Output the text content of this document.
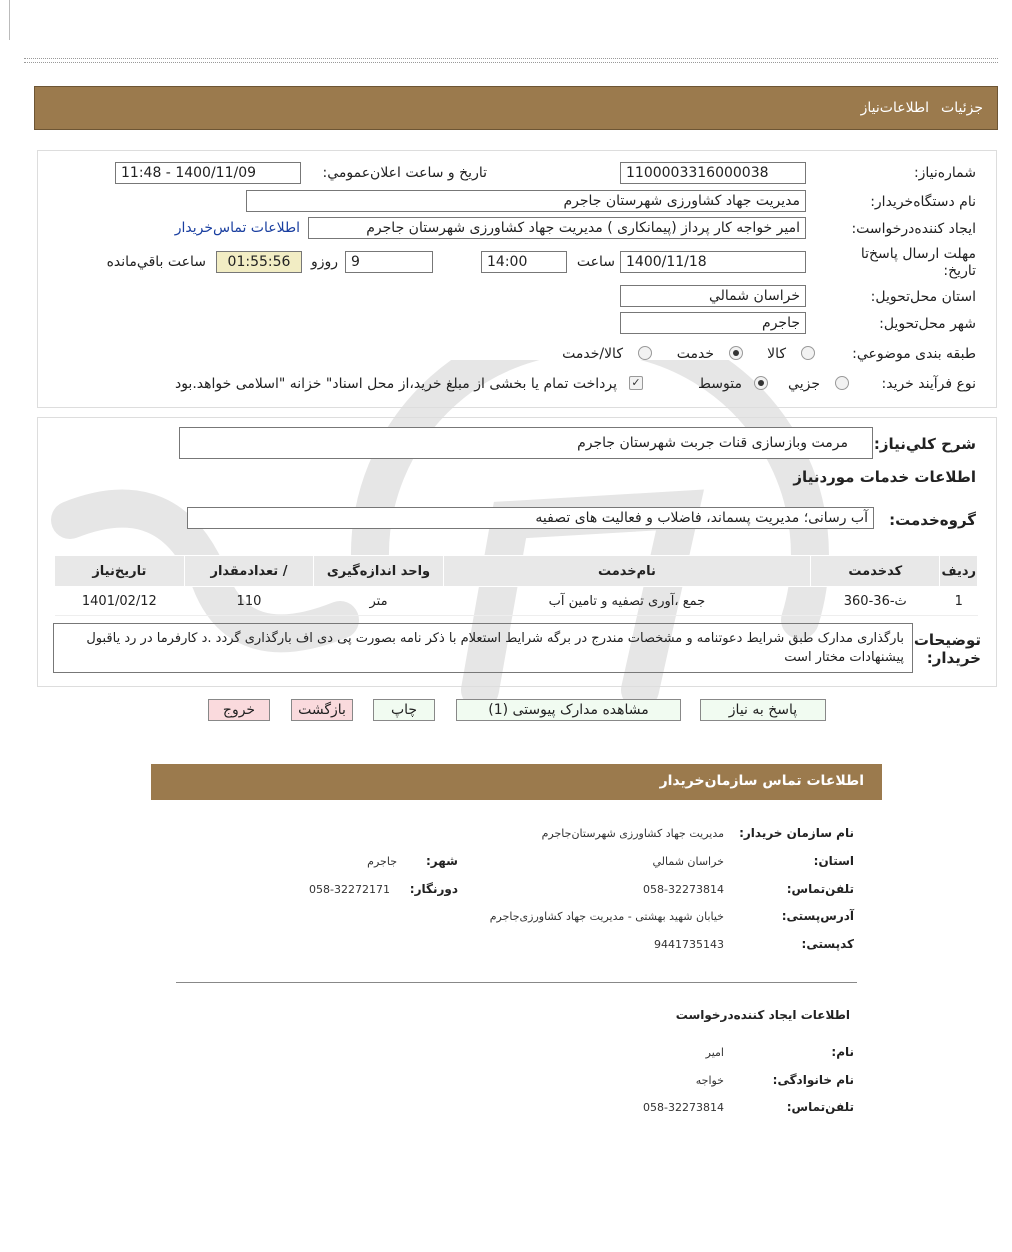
جزئیات
اطلاعات‌نیاز
شماره‌نیاز:
1100003316000038
تاریخ و ساعت اعلان‌عمومي:
1400/11/09 - 11:48
نام دستگاه‌خریدار:
مدیریت جهاد کشاورزی شهرستان جاجرم
ایجاد کننده‌درخواست:
امیر خواجه کار پرداز (پیمانکاری ) مدیریت جهاد کشاورزی شهرستان جاجرم
اطلاعات تماس‌خریدار
مهلت ارسال پاسخ‌تا تاریخ:
1400/11/18
ساعت
14:00
9
روزو
01:55:56
ساعت باقي‌مانده
استان محل‌تحویل:
خراسان شمالي
شهر محل‌تحویل:
جاجرم
طبقه بندی موضوعي:
کالا
خدمت
کالا/خدمت
نوع فرآیند خرید:
جزيي
متوسط
✓
پرداخت تمام یا بخشی از مبلغ خرید،از محل اسناد" خزانه "اسلامی خواهد.بود
شرح کلي‌نیاز:
مرمت وبازسازی قنات جربت شهرستان جاجرم
اطلاعات خدمات موردنیاز
گروه‌خدمت:
آب رسانی؛ مدیریت پسماند، فاضلاب و فعالیت های تصفیه
ردیف	کدخدمت	نام‌خدمت	واحد اندازه‌گیری	/ تعدادمقدار	تاریخ‌نیاز
1	ث-36-360	جمع ،آوری تصفیه و تامین آب	متر	110	1401/02/12
توضیحات خریدار:
بارگذاری مدارک طبق شرایط دعوتنامه و مشخصات مندرج در برگه شرایط استعلام با ذکر نامه بصورت پی دی اف بارگذاری گردد .د کارفرما در رد یاقبول پیشنهادات مختار است
پاسخ به نیاز
مشاهده مدارک پیوستی (1)
چاپ
بازگشت
خروج
اطلاعات تماس سازمان‌خریدار
نام سازمان خریدار:
مدیریت جهاد کشاورزی شهرستان‌جاجرم
استان:
خراسان شمالي
شهر:
جاجرم
تلفن‌تماس:
058-32273814
دورنگار:
058-32272171
آدرس‌پستی:
خیابان شهید بهشتی - مدیریت جهاد کشاورزی‌جاجرم
کدپستی:
9441735143
اطلاعات ایجاد کننده‌درخواست
نام:
امیر
نام خانوادگی:
خواجه
تلفن‌تماس:
058-32273814
